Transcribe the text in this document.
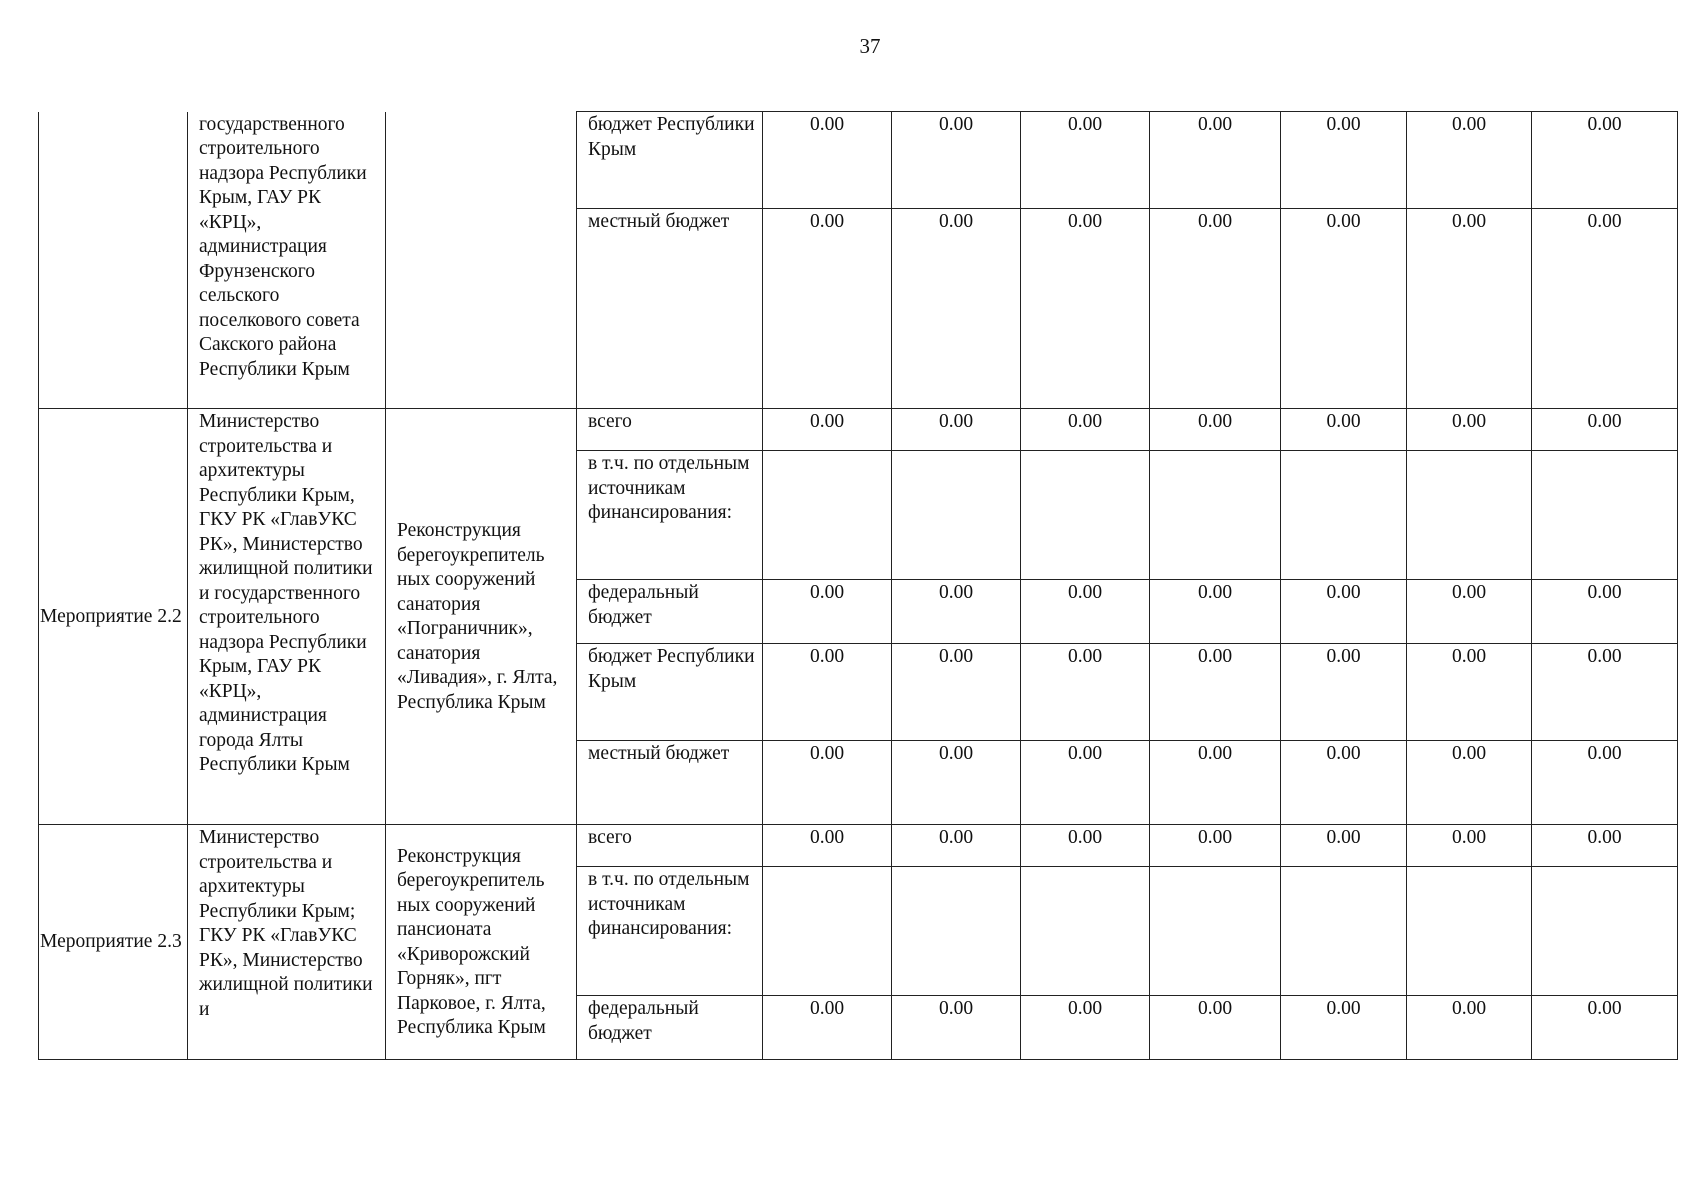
37
	государственного строительного надзора Республики Крым, ГАУ РК «КРЦ», администрация Фрунзенского сельского поселкового совета Сакского района Республики Крым		бюджет Республики Крым	0.00	0.00	0.00	0.00	0.00	0.00	0.00
			местный бюджет	0.00	0.00	0.00	0.00	0.00	0.00	0.00
Мероприятие 2.2	Министерство строительства и архитектуры Республики Крым, ГКУ РК «ГлавУКС РК», Министерство жилищной политики и государственного строительного надзора Республики Крым, ГАУ РК «КРЦ», администрация города Ялты Республики Крым	Реконструкция берегоукрепитель ных сооружений санатория «Пограничник», санатория «Ливадия», г. Ялта, Республика Крым	всего	0.00	0.00	0.00	0.00	0.00	0.00	0.00
			в т.ч. по отдельным источникам финансирования:							
			федеральный бюджет	0.00	0.00	0.00	0.00	0.00	0.00	0.00
			бюджет Республики Крым	0.00	0.00	0.00	0.00	0.00	0.00	0.00
			местный бюджет	0.00	0.00	0.00	0.00	0.00	0.00	0.00
Мероприятие 2.3	Министерство строительства и архитектуры Республики Крым; ГКУ РК «ГлавУКС РК», Министерство жилищной политики и	Реконструкция берегоукрепитель ных сооружений пансионата «Криворожский Горняк», пгт Парковое, г. Ялта, Республика Крым	всего	0.00	0.00	0.00	0.00	0.00	0.00	0.00
			в т.ч. по отдельным источникам финансирования:							
			федеральный бюджет	0.00	0.00	0.00	0.00	0.00	0.00	0.00
